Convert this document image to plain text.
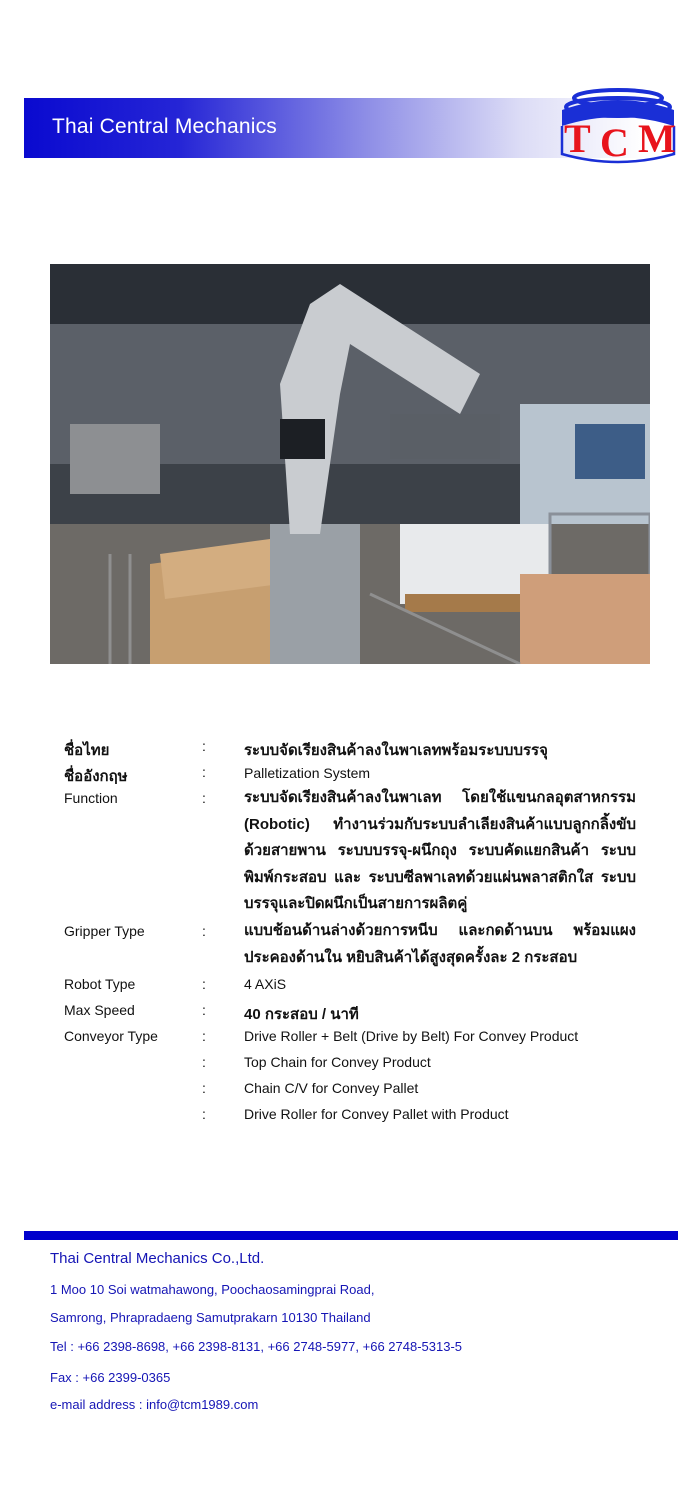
Thai Central Mechanics	T C M
ชื่อไทย	:	ระบบจัดเรียงสินค้าลงในพาเลทพร้อมระบบบรรจุ
ชื่ออังกฤษ	:	Palletization System
Function	:	ระบบจัดเรียงสินค้าลงในพาเลท โดยใช้แขนกลอุตสาหกรรม (Robotic) ทำงานร่วมกับระบบลำเลียงสินค้าแบบลูกกลิ้งขับด้วยสายพาน ระบบบรรจุ-ผนึกถุง ระบบคัดแยกสินค้า ระบบพิมพ์กระสอบ และ ระบบซีลพาเลทด้วยแผ่นพลาสติกใส ระบบบรรจุและปิดผนึกเป็นสายการผลิตคู่
Gripper Type	:	แบบช้อนด้านล่างด้วยการหนีบ และกดด้านบน พร้อมแผงประคองด้านใน หยิบสินค้าได้สูงสุดครั้งละ 2 กระสอบ
Robot Type	:	4 AXiS
Max Speed	:	40 กระสอบ / นาที
Conveyor Type	:	Drive Roller + Belt (Drive by Belt) For Convey Product
:	Top Chain for Convey Product
:	Chain C/V for Convey Pallet
:	Drive Roller for Convey Pallet with Product
Thai Central Mechanics Co.,Ltd.
1 Moo 10 Soi watmahawong, Poochaosamingprai Road,
Samrong, Phrapradaeng Samutprakarn 10130 Thailand
Tel : +66 2398-8698, +66 2398-8131, +66 2748-5977, +66 2748-5313-5
Fax : +66 2399-0365
e-mail address : info@tcm1989.com
